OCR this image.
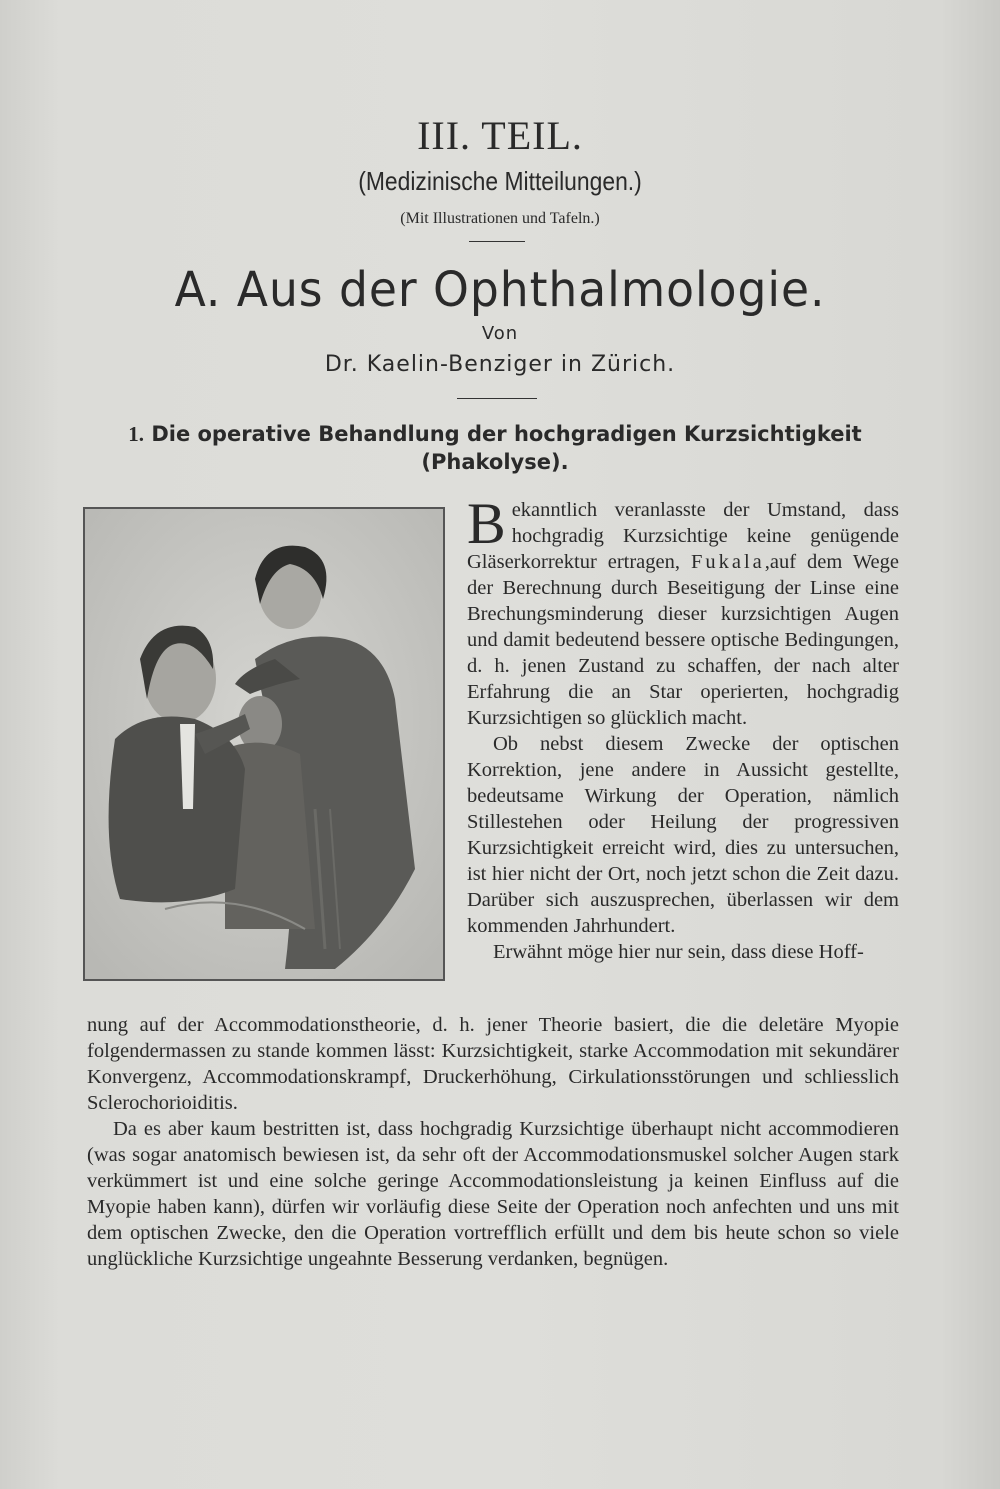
III. TEIL.
(Medizinische Mitteilungen.)
(Mit Illustrationen und Tafeln.)
A. Aus der Ophthalmologie.
Von
Dr. Kaelin-Benziger in Zürich.
1. Die operative Behandlung der hochgradigen Kurzsichtigkeit (Phakolyse).

Bekanntlich veranlasste der Umstand, dass hochgradig Kurzsichtige keine genügende Gläserkorrektur ertragen, Fukala,auf dem Wege der Berechnung durch Beseitigung der Linse eine Brechungsminderung dieser kurzsichtigen Augen und damit bedeutend bessere optische Bedingungen, d. h. jenen Zustand zu schaffen, der nach alter Erfahrung die an Star operierten, hochgradig Kurzsichtigen so glücklich macht.

Ob nebst diesem Zwecke der optischen Korrektion, jene andere in Aussicht gestellte, bedeutsame Wirkung der Operation, nämlich Stillestehen oder Heilung der progressiven Kurzsichtigkeit erreicht wird, dies zu untersuchen, ist hier nicht der Ort, noch jetzt schon die Zeit dazu. Darüber sich auszusprechen, überlassen wir dem kommenden Jahrhundert.

Erwähnt möge hier nur sein, dass diese Hoff-

nung auf der Accommodationstheorie, d. h. jener Theorie basiert, die die deletäre Myopie folgendermassen zu stande kommen lässt: Kurzsichtigkeit, starke Accommodation mit sekundärer Konvergenz, Accommodationskrampf, Druckerhöhung, Cirkulationsstörungen und schliesslich Sclerochorioiditis.

Da es aber kaum bestritten ist, dass hochgradig Kurzsichtige überhaupt nicht accommodieren (was sogar anatomisch bewiesen ist, da sehr oft der Accommodationsmuskel solcher Augen stark verkümmert ist und eine solche geringe Accommodationsleistung ja keinen Einfluss auf die Myopie haben kann), dürfen wir vorläufig diese Seite der Operation noch anfechten und uns mit dem optischen Zwecke, den die Operation vortrefflich erfüllt und dem bis heute schon so viele unglückliche Kurzsichtige ungeahnte Besserung verdanken, begnügen.
